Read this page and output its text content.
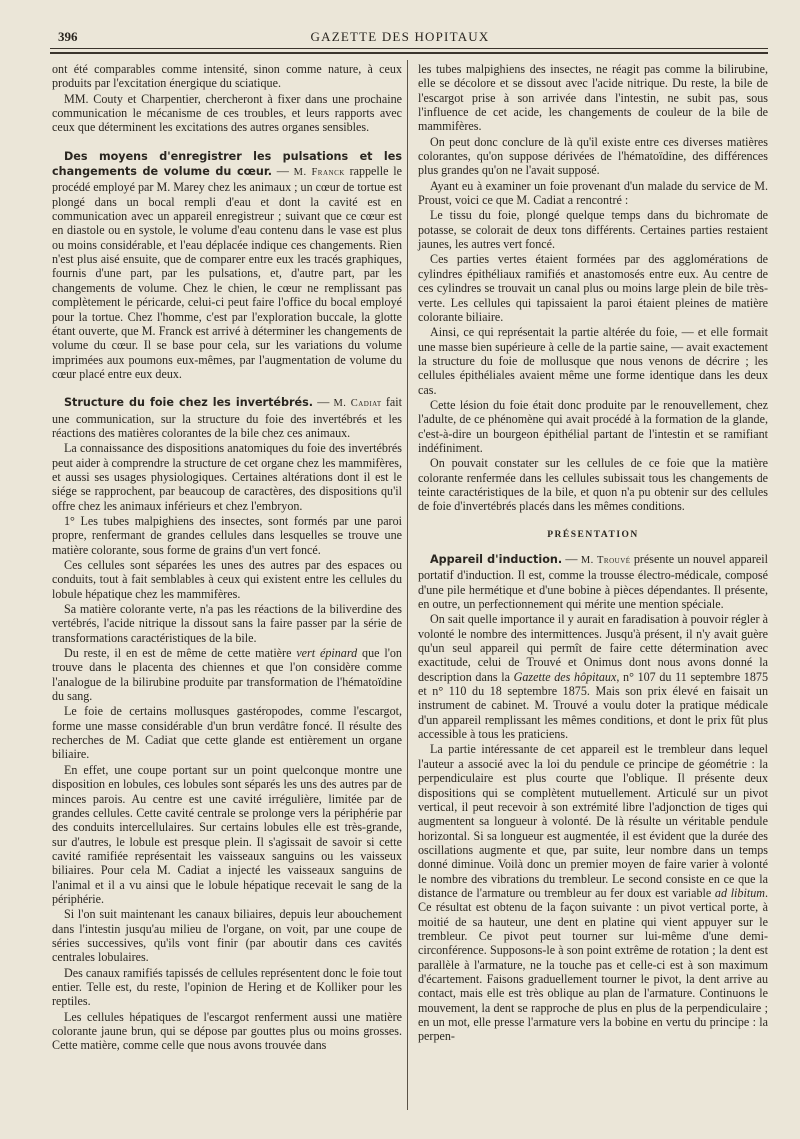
396	GAZETTE DES HOPITAUX

ont été comparables comme intensité, sinon comme nature, à ceux produits par l'excitation énergique du sciatique.

MM. Couty et Charpentier, chercheront à fixer dans une prochaine communication le mécanisme de ces troubles, et leurs rapports avec ceux que déterminent les excitations des autres organes sensibles.

Des moyens d'enregistrer les pulsations et les changements de volume du cœur. — M. Franck rappelle le procédé employé par M. Marey chez les animaux ; un cœur de tortue est plongé dans un bocal rempli d'eau et dont la cavité est en communication avec un appareil enregistreur ; suivant que ce cœur est en diastole ou en systole, le volume d'eau contenu dans le vase est plus ou moins considérable, et l'eau déplacée indique ces changements. Rien n'est plus aisé ensuite, que de comparer entre eux les tracés graphiques, fournis d'une part, par les pulsations, et, d'autre part, par les changements de volume. Chez le chien, le cœur ne remplissant pas complètement le péricarde, celui-ci peut faire l'office du bocal employé pour la tortue. Chez l'homme, c'est par l'exploration buccale, la glotte étant ouverte, que M. Franck est arrivé à déterminer les changements de volume du cœur. Il se base pour cela, sur les variations du volume imprimées aux poumons eux-mêmes, par l'augmentation de volume du cœur placé entre eux deux.

Structure du foie chez les invertébrés. — M. Cadiat fait une communication, sur la structure du foie des invertébrés et les réactions des matières colorantes de la bile chez ces animaux.

La connaissance des dispositions anatomiques du foie des invertébrés peut aider à comprendre la structure de cet organe chez les mammifères, et aussi ses usages physiologiques. Certaines altérations dont il est le siége se rapprochent, par beaucoup de caractères, des dispositions qu'il offre chez les animaux inférieurs et chez l'embryon.

1° Les tubes malpighiens des insectes, sont formés par une paroi propre, renfermant de grandes cellules dans lesquelles se trouve une matière colorante, sous forme de grains d'un vert foncé.

Ces cellules sont séparées les unes des autres par des espaces ou conduits, tout à fait semblables à ceux qui existent entre les cellules du lobule hépatique chez les mammifères.

Sa matière colorante verte, n'a pas les réactions de la biliverdine des vertébrés, l'acide nitrique la dissout sans la faire passer par la série de transformations caractéristiques de la bile.

Du reste, il en est de même de cette matière vert épinard que l'on trouve dans le placenta des chiennes et que l'on considère comme l'analogue de la bilirubine produite par transformation de l'hématoïdine du sang.

Le foie de certains mollusques gastéropodes, comme l'escargot, forme une masse considérable d'un brun verdâtre foncé. Il résulte des recherches de M. Cadiat que cette glande est entièrement un organe biliaire.

En effet, une coupe portant sur un point quelconque montre une disposition en lobules, ces lobules sont séparés les uns des autres par de minces parois. Au centre est une cavité irrégulière, limitée par de grandes cellules. Cette cavité centrale se prolonge vers la périphérie par des conduits intercellulaires. Sur certains lobules elle est très-grande, sur d'autres, le lobule est presque plein. Il s'agissait de savoir si cette cavité ramifiée représentait les vaisseaux sanguins ou les vaisseux biliaires. Pour cela M. Cadiat a injecté les vaisseaux sanguins de l'animal et il a vu ainsi que le lobule hépatique recevait le sang de la périphérie.

Si l'on suit maintenant les canaux biliaires, depuis leur abouchement dans l'intestin jusqu'au milieu de l'organe, on voit, par une coupe de séries successives, qu'ils vont finir (par aboutir dans ces cavités centrales lobulaires.

Des canaux ramifiés tapissés de cellules représentent donc le foie tout entier. Telle est, du reste, l'opinion de Hering et de Kolliker pour les reptiles.

Les cellules hépatiques de l'escargot renferment aussi une matière colorante jaune brun, qui se dépose par gouttes plus ou moins grosses. Cette matière, comme celle que nous avons trouvée dans

les tubes malpighiens des insectes, ne réagit pas comme la bilirubine, elle se décolore et se dissout avec l'acide nitrique. Du reste, la bile de l'escargot prise à son arrivée dans l'intestin, ne subit pas, sous l'influence de cet acide, les changements de couleur de la bile de mammifères.

On peut donc conclure de là qu'il existe entre ces diverses matières colorantes, qu'on suppose dérivées de l'hématoïdine, des différences plus grandes qu'on ne l'avait supposé.

Ayant eu à examiner un foie provenant d'un malade du service de M. Proust, voici ce que M. Cadiat a rencontré :

Le tissu du foie, plongé quelque temps dans du bichromate de potasse, se colorait de deux tons différents. Certaines parties restaient jaunes, les autres vert foncé.

Ces parties vertes étaient formées par des agglomérations de cylindres épithéliaux ramifiés et anastomosés entre eux. Au centre de ces cylindres se trouvait un canal plus ou moins large plein de bile très-verte. Les cellules qui tapissaient la paroi étaient pleines de matière colorante biliaire.

Ainsi, ce qui représentait la partie altérée du foie, — et elle formait une masse bien supérieure à celle de la partie saine, — avait exactement la structure du foie de mollusque que nous venons de décrire ; les cellules épithéliales avaient même une forme identique dans les deux cas.

Cette lésion du foie était donc produite par le renouvellement, chez l'adulte, de ce phénomène qui avait procédé à la formation de la glande, c'est-à-dire un bourgeon épithélial partant de l'intestin et se ramifiant indéfiniment.

On pouvait constater sur les cellules de ce foie que la matière colorante renfermée dans les cellules subissait tous les changements de teinte caractéristiques de la bile, et quon n'a pu obtenir sur des cellules de foie d'invertébrés placés dans les mêmes conditions.

PRÉSENTATION

Appareil d'induction. — M. Trouvé présente un nouvel appareil portatif d'induction. Il est, comme la trousse électro-médicale, composé d'une pile hermétique et d'une bobine à pièces dépendantes. Il présente, en outre, un perfectionnement qui mérite une mention spéciale.

On sait quelle importance il y aurait en faradisation à pouvoir régler à volonté le nombre des intermittences. Jusqu'à présent, il n'y avait guère qu'un seul appareil qui permît de faire cette détermination avec exactitude, celui de Trouvé et Onimus dont nous avons donné la description dans la Gazette des hôpitaux, n° 107 du 11 septembre 1875 et n° 110 du 18 septembre 1875. Mais son prix élevé en faisait un instrument de cabinet. M. Trouvé a voulu doter la pratique médicale d'un appareil remplissant les mêmes conditions, et dont le prix fût plus accessible à tous les praticiens.

La partie intéressante de cet appareil est le trembleur dans lequel l'auteur a associé avec la loi du pendule ce principe de géométrie : la perpendiculaire est plus courte que l'oblique. Il présente deux dispositions qui se complètent mutuellement. Articulé sur un pivot vertical, il peut recevoir à son extrémité libre l'adjonction de tiges qui augmentent sa longueur à volonté. De là résulte un véritable pendule horizontal. Si sa longueur est augmentée, il est évident que la durée des oscillations augmente et que, par suite, leur nombre dans un temps donné diminue. Voilà donc un premier moyen de faire varier à volonté le nombre des vibrations du trembleur. Le second consiste en ce que la distance de l'armature ou trembleur au fer doux est variable ad libitum. Ce résultat est obtenu de la façon suivante : un pivot vertical porte, à moitié de sa hauteur, une dent en platine qui vient appuyer sur le trembleur. Ce pivot peut tourner sur lui-même d'une demi-circonférence. Supposons-le à son point extrême de rotation ; la dent est parallèle à l'armature, ne la touche pas et celle-ci est à son maximum d'écartement. Faisons graduellement tourner le pivot, la dent arrive au contact, mais elle est très oblique au plan de l'armature. Continuons le mouvement, la dent se rapproche de plus en plus de la perpendiculaire ; en un mot, elle presse l'armature vers la bobine en vertu du principe : la perpen-
